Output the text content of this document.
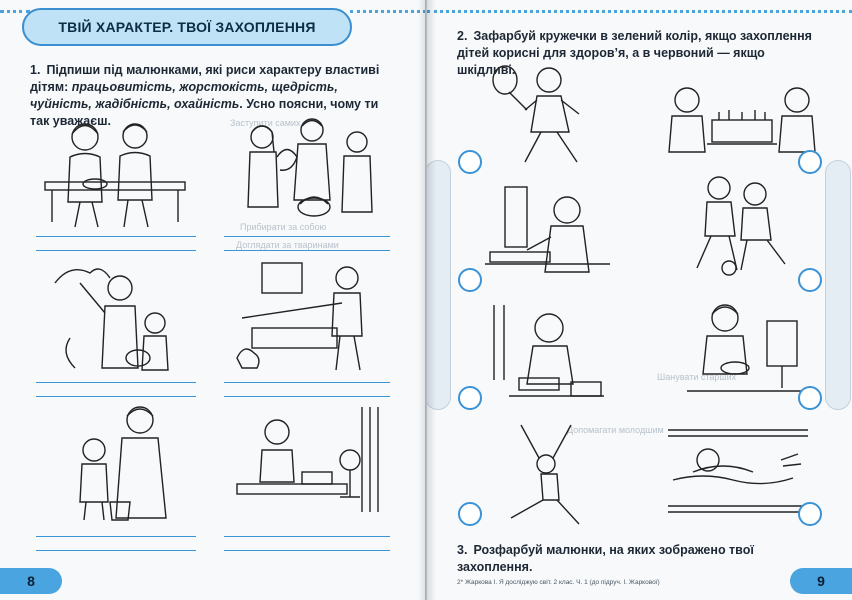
ТВІЙ ХАРАКТЕР. ТВОЇ ЗАХОПЛЕННЯ
1. Підпиши під малюнками, які риси характеру властиві дітям: працьовитість, жорстокість, щедрість, чуйність, жадібність, охайність. Усно поясни, чому ти так уважаєш.	Заступити самих
Прибирати за собою
Доглядати за тваринами
8
2. Зафарбуй кружечки в зелений колір, якщо захоплення дітей корисні для здоров’я, а в червоний — якщо шкідливі.
Шанувати старших
Допомагати молодшим
3. Розфарбуй малюнки, на яких зображено твої захоплення.
2* Жаркова І. Я досліджую світ. 2 клас. Ч. 1 (до підруч. І. Жаркової)	9
